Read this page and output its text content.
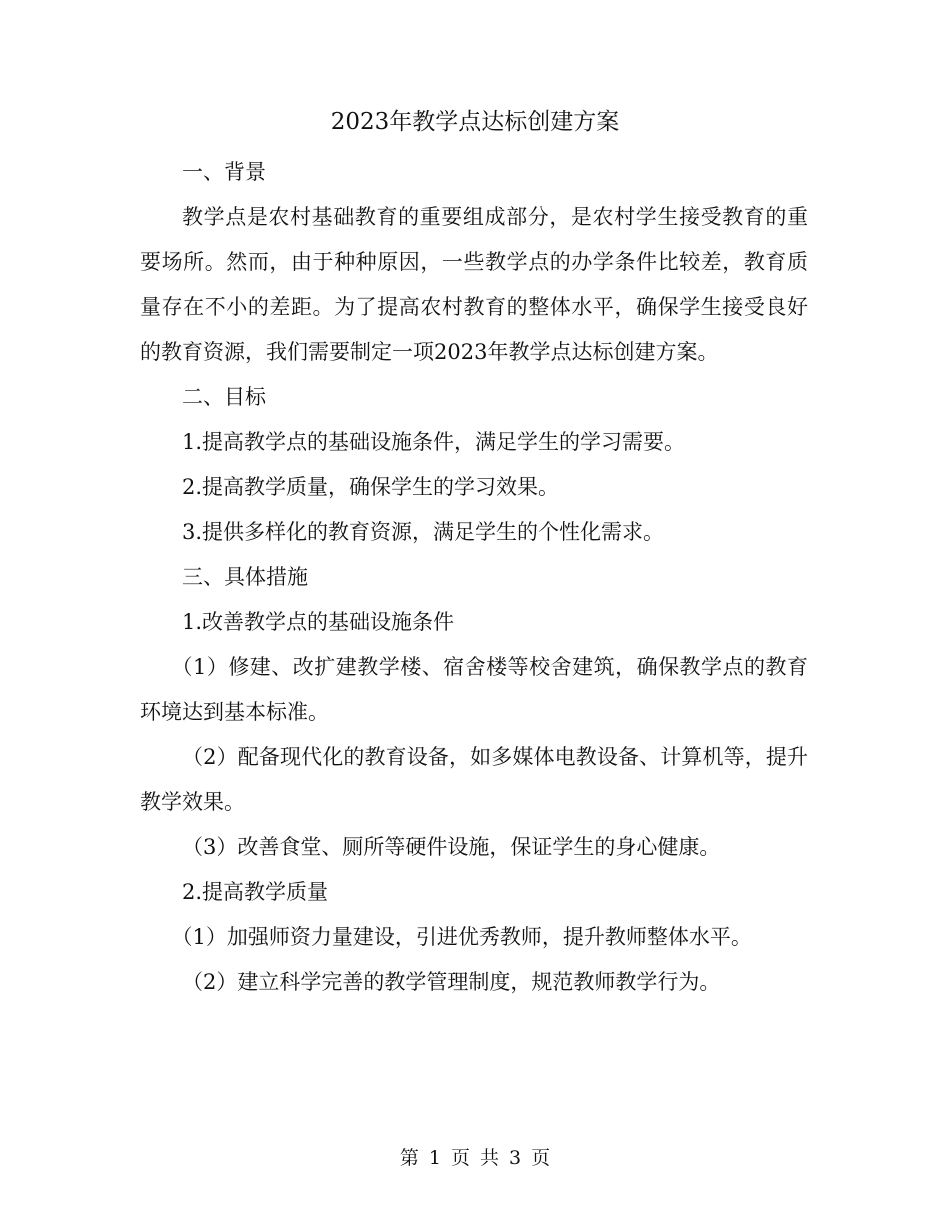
2023年教学点达标创建方案

一、背景

教学点是农村基础教育的重要组成部分，是农村学生接受教育的重要场所。然而，由于种种原因，一些教学点的办学条件比较差，教育质量存在不小的差距。为了提高农村教育的整体水平，确保学生接受良好的教育资源，我们需要制定一项2023年教学点达标创建方案。

二、目标

1.提高教学点的基础设施条件，满足学生的学习需要。

2.提高教学质量，确保学生的学习效果。

3.提供多样化的教育资源，满足学生的个性化需求。

三、具体措施

1.改善教学点的基础设施条件

（1）修建、改扩建教学楼、宿舍楼等校舍建筑，确保教学点的教育环境达到基本标准。

（2）配备现代化的教育设备，如多媒体电教设备、计算机等，提升教学效果。

（3）改善食堂、厕所等硬件设施，保证学生的身心健康。

2.提高教学质量

（1）加强师资力量建设，引进优秀教师，提升教师整体水平。

（2）建立科学完善的教学管理制度，规范教师教学行为。

第 1 页 共 3 页
